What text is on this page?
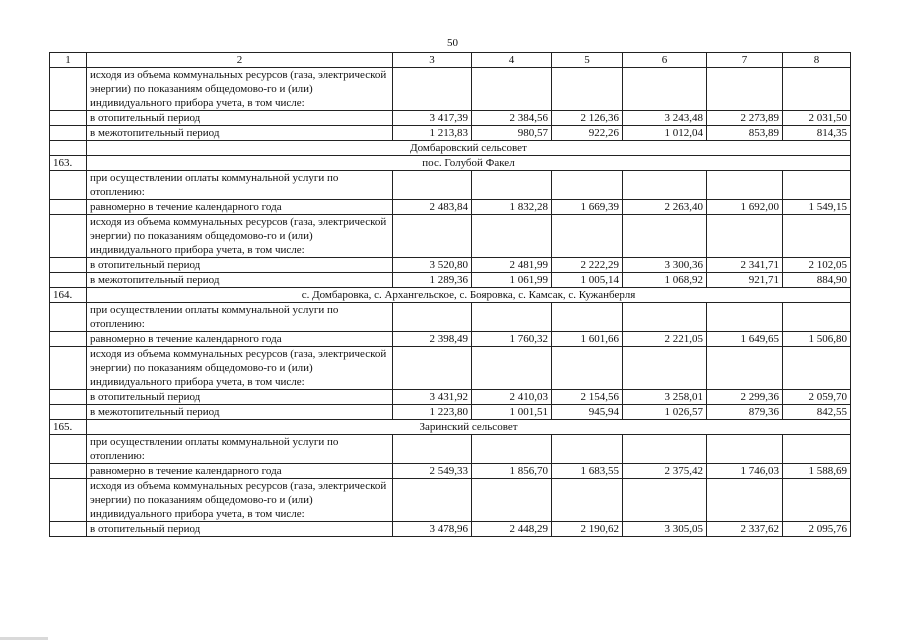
50
1	2	3	4	5	6	7	8
	исходя из объема коммунальных ресурсов (газа, электрической энергии) по показаниям общедомово-го и (или) индивидуального прибора учета, в том числе:						
	в отопительный период	3 417,39	2 384,56	2 126,36	3 243,48	2 273,89	2 031,50
	в межотопительный период	1 213,83	980,57	922,26	1 012,04	853,89	814,35
	Домбаровский сельсовет						
163.	пос. Голубой Факел						
	при осуществлении оплаты коммунальной услуги по отоплению:						
	равномерно в течение календарного года	2 483,84	1 832,28	1 669,39	2 263,40	1 692,00	1 549,15
	исходя из объема коммунальных ресурсов (газа, электрической энергии) по показаниям общедомово-го и (или) индивидуального прибора учета, в том числе:						
	в отопительный период	3 520,80	2 481,99	2 222,29	3 300,36	2 341,71	2 102,05
	в межотопительный период	1 289,36	1 061,99	1 005,14	1 068,92	921,71	884,90
164.	с. Домбаровка, с. Архангельское, с. Бояровка, с. Камсак, с. Кужанберля						
	при осуществлении оплаты коммунальной услуги по отоплению:						
	равномерно в течение календарного года	2 398,49	1 760,32	1 601,66	2 221,05	1 649,65	1 506,80
	исходя из объема коммунальных ресурсов (газа, электрической энергии) по показаниям общедомово-го и (или) индивидуального прибора учета, в том числе:						
	в отопительный период	3 431,92	2 410,03	2 154,56	3 258,01	2 299,36	2 059,70
	в межотопительный период	1 223,80	1 001,51	945,94	1 026,57	879,36	842,55
165.	Заринский сельсовет						
	при осуществлении оплаты коммунальной услуги по отоплению:						
	равномерно в течение календарного года	2 549,33	1 856,70	1 683,55	2 375,42	1 746,03	1 588,69
	исходя из объема коммунальных ресурсов (газа, электрической энергии) по показаниям общедомово-го и (или) индивидуального прибора учета, в том числе:						
	в отопительный период	3 478,96	2 448,29	2 190,62	3 305,05	2 337,62	2 095,76
